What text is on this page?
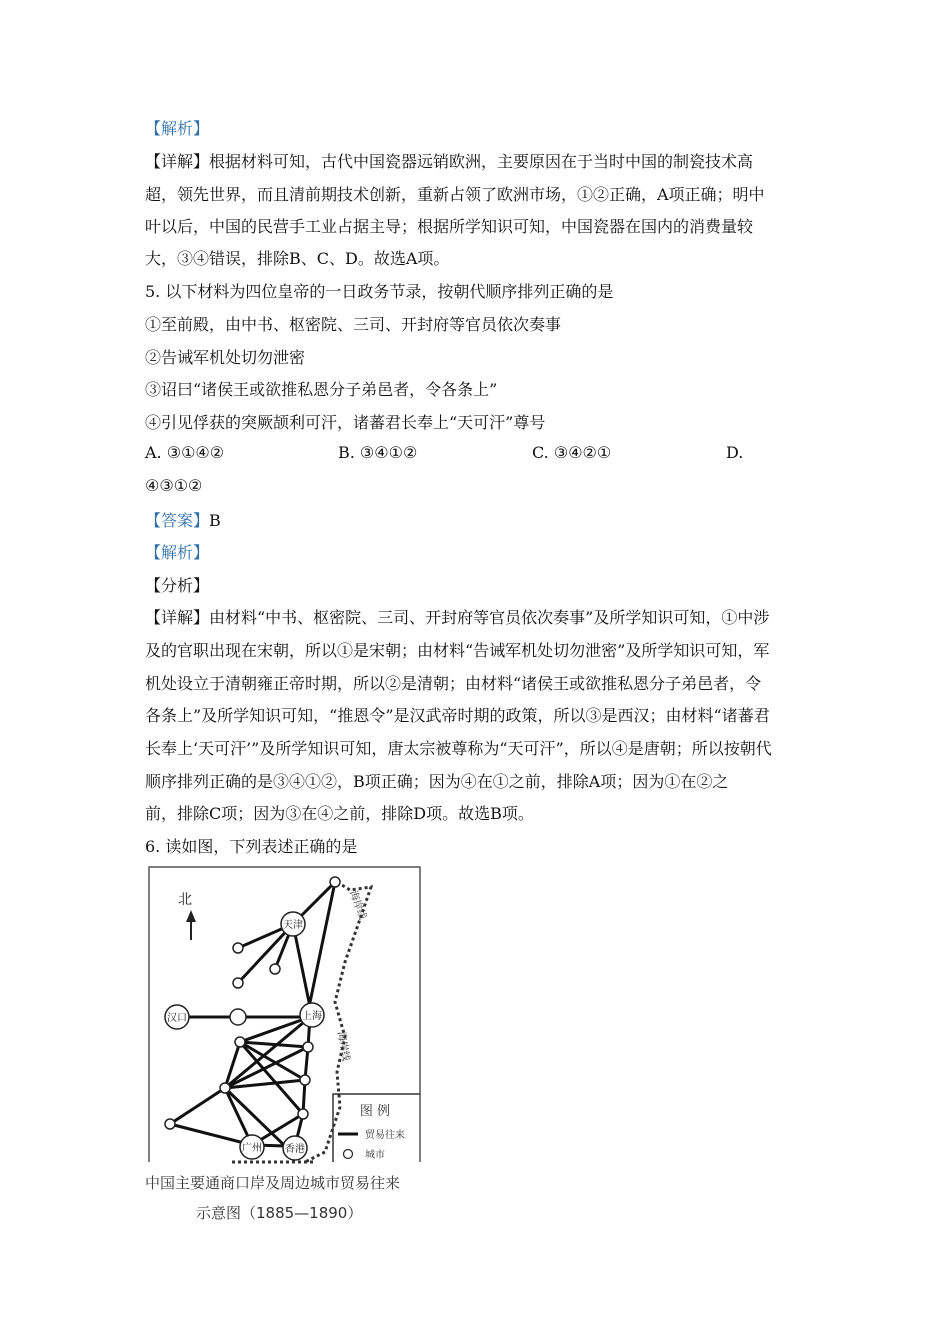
【解析】
【详解】根据材料可知，古代中国瓷器远销欧洲，主要原因在于当时中国的制瓷技术高
超，领先世界，而且清前期技术创新，重新占领了欧洲市场，①②正确，A项正确；明中
叶以后，中国的民营手工业占据主导；根据所学知识可知，中国瓷器在国内的消费量较
大，③④错误，排除B、C、D。故选A项。
5. 以下材料为四位皇帝的一日政务节录，按朝代顺序排列正确的是
①至前殿，由中书、枢密院、三司、开封府等官员依次奏事
②告诫军机处切勿泄密
③诏曰“诸侯王或欲推私恩分子弟邑者，令各条上”
④引见俘获的突厥颉利可汗，诸蕃君长奉上“天可汗”尊号
A. ③①④②	B. ③④①②	C. ③④②①	D.
④③①②
【答案】B
【解析】
【分析】
【详解】由材料“中书、枢密院、三司、开封府等官员依次奏事”及所学知识可知，①中涉
及的官职出现在宋朝，所以①是宋朝；由材料“告诫军机处切勿泄密”及所学知识可知，军
机处设立于清朝雍正帝时期，所以②是清朝；由材料“诸侯王或欲推私恩分子弟邑者，令
各条上”及所学知识可知，“推恩令”是汉武帝时期的政策，所以③是西汉；由材料“诸蕃君
长奉上‘天可汗’”及所学知识可知，唐太宗被尊称为“天可汗”，所以④是唐朝；所以按朝代
顺序排列正确的是③④①②，B项正确；因为④在①之前，排除A项；因为①在②之
前，排除C项；因为③在④之前，排除D项。故选B项。
6. 读如图，下列表述正确的是
北	海岸线
海岸线
天津
汉口	上海
广州 香港
图 例
贸易往来
城市
中国主要通商口岸及周边城市贸易往来
示意图（1885—1890）
